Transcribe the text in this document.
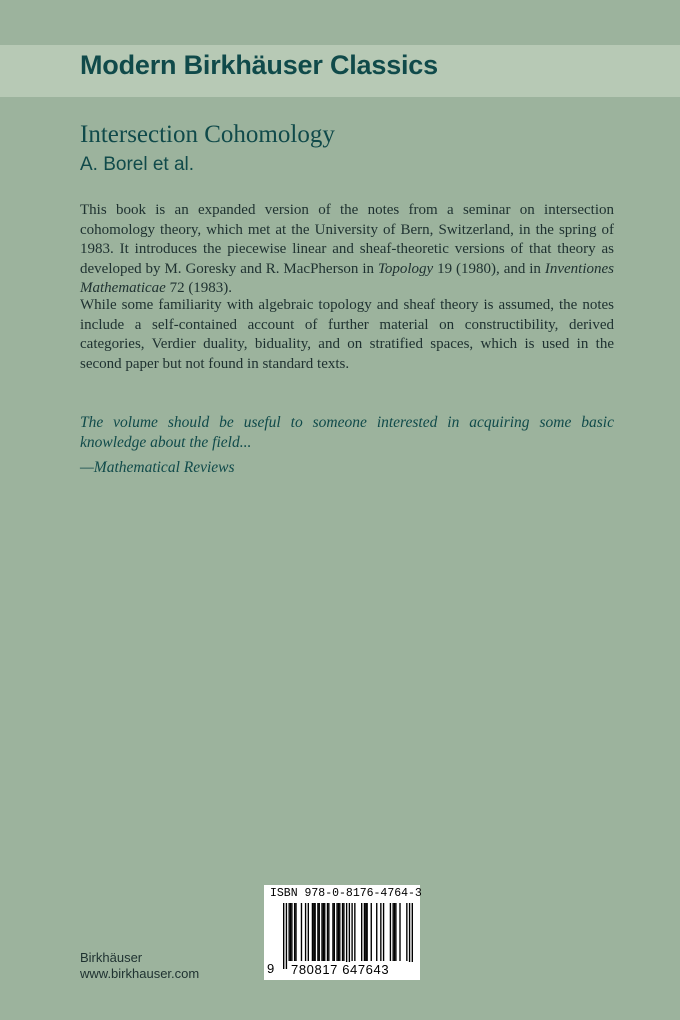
Modern Birkhäuser Classics
Intersection Cohomology
A. Borel et al.

This book is an expanded version of the notes from a seminar on intersection cohomology theory, which met at the University of Bern, Switzerland, in the spring of 1983. It introduces the piecewise linear and sheaf-theoretic versions of that theory as developed by M. Goresky and R. MacPherson in Topology 19 (1980), and in Inventiones Mathematicae 72 (1983).

While some familiarity with algebraic topology and sheaf theory is assumed, the notes include a self-contained account of further material on constructibility, derived categories, Verdier duality, biduality, and on stratified spaces, which is used in the second paper but not found in standard texts.

The volume should be useful to someone interested in acquiring some basic knowledge about the field...
—Mathematical Reviews
Birkhäuser
www.birkhauser.com
ISBN 978-0-8176-4764-3
9 780817 647643
